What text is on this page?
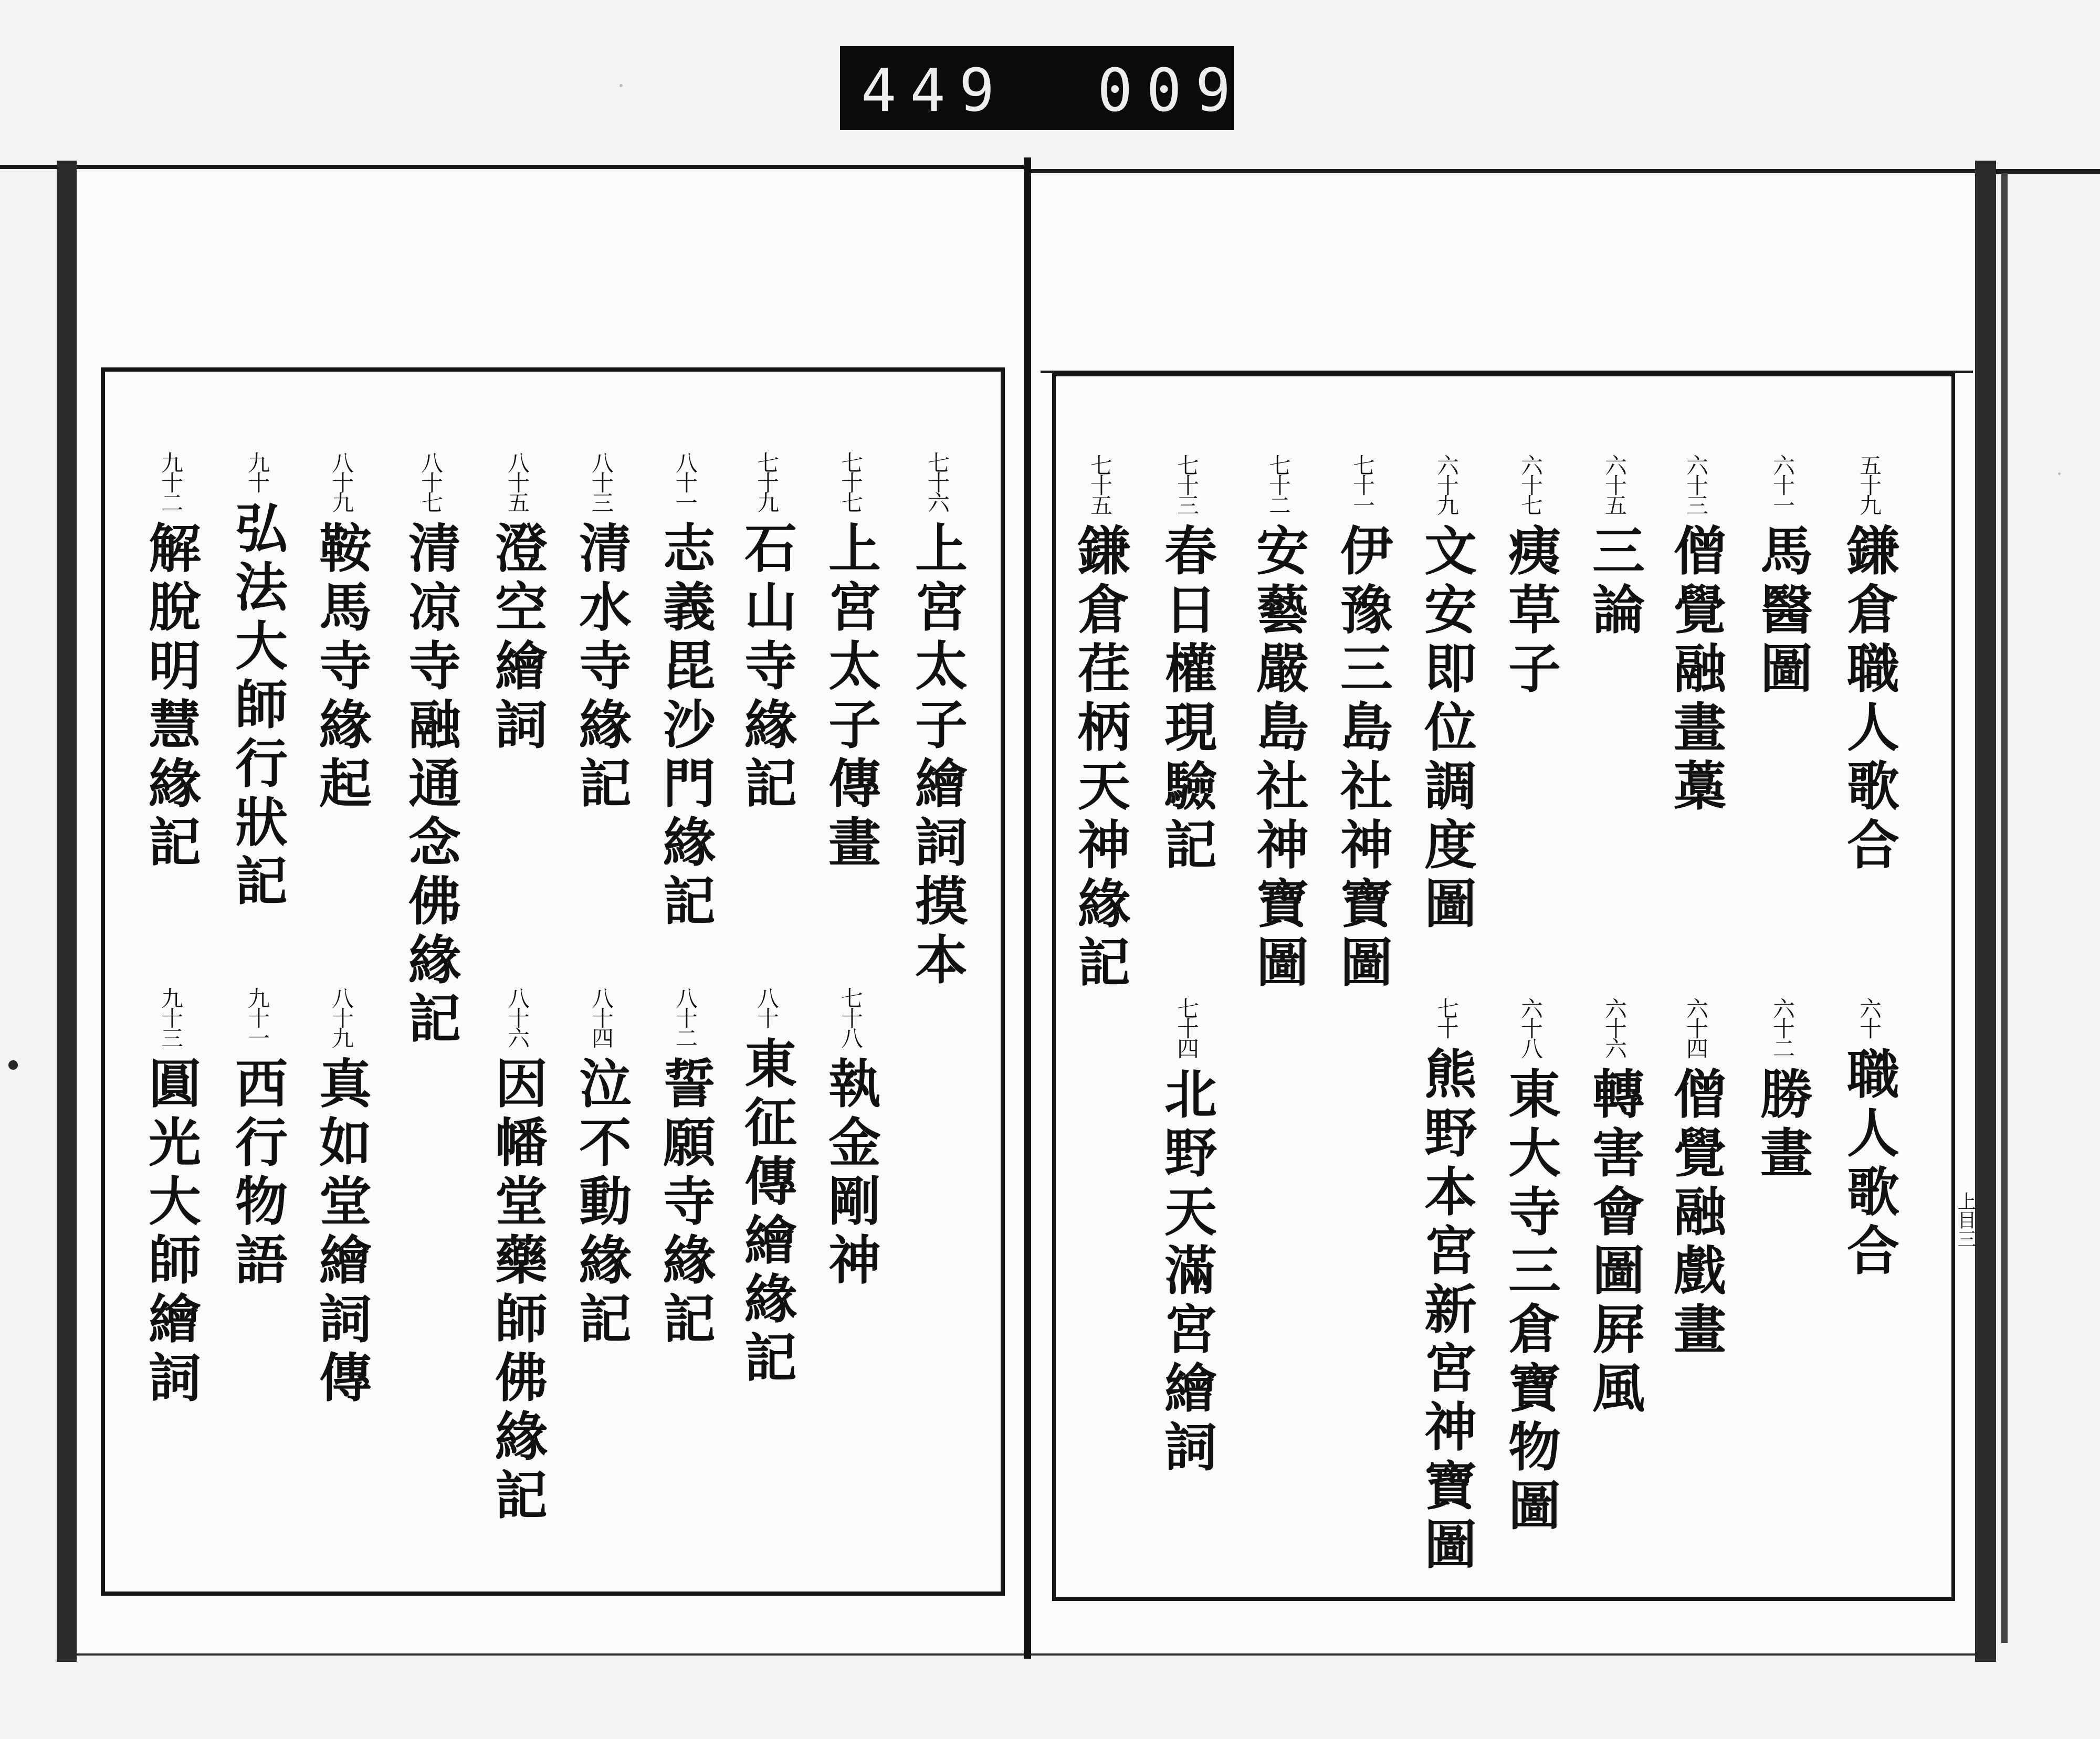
449 009
上目三
五十九
鎌倉職人歌合
六十一
馬醫圖
六十三
僧覺融畫藁
六十五
三論
六十七
痍草子
六十九
文安即位調度圖
七十一
伊豫三島社神寶圖
七十二
安藝嚴島社神寶圖
七十三
春日權現驗記
七十五
鎌倉荏柄天神緣記
六十
職人歌合
六十二
勝畫
六十四
僧覺融戲畫
六十六
轉害會圖屛風
六十八
東大寺三倉寶物圖
七十
熊野本宮新宮神寶圖
七十四
北野天滿宮繪詞
七十六
上宮太子繪詞摸本
七十七
上宮太子傳畫
七十九
石山寺緣記
八十一
志義毘沙門緣記
八十三
清水寺緣記
八十五
澄空繪詞
八十七
清凉寺融通念佛緣記
八十九
鞍馬寺緣起
九十
弘法大師行狀記
九十二
解脫明慧緣記
七十八
執金剛神
八十
東征傳繪緣記
八十二
誓願寺緣記
八十四
泣不動緣記
八十六
因幡堂藥師佛緣記
八十九
真如堂繪詞傳
九十一
西行物語
九十三
圓光大師繪詞
